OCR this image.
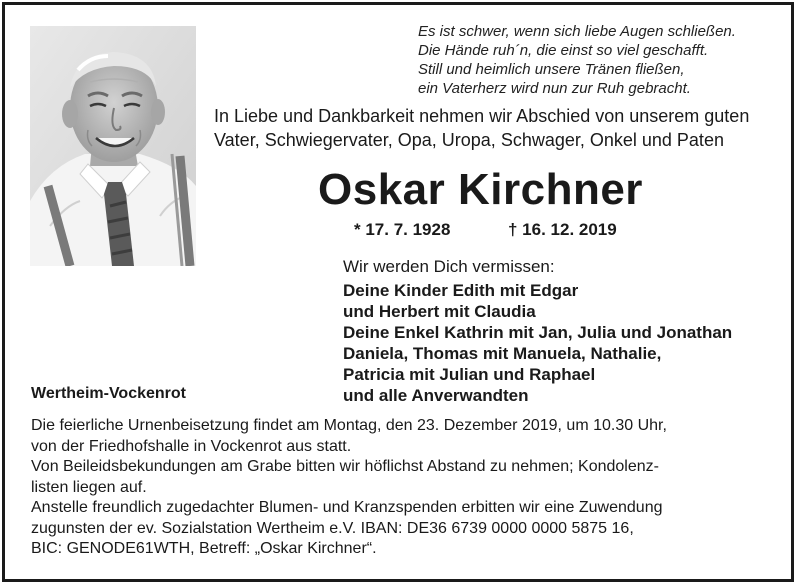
Es ist schwer, wenn sich liebe Augen schließen.
Die Hände ruh´n, die einst so viel geschafft.
Still und heimlich unsere Tränen fließen,
ein Vaterherz wird nun zur Ruh gebracht.
In Liebe und Dankbarkeit nehmen wir Abschied von unserem guten
Vater, Schwiegervater, Opa, Uropa, Schwager, Onkel und Paten
Oskar Kirchner
* 17. 7. 1928	† 16. 12. 2019
Wir werden Dich vermissen:
Deine Kinder Edith mit Edgar
und Herbert mit Claudia
Deine Enkel Kathrin mit Jan, Julia und Jonathan
Daniela, Thomas mit Manuela, Nathalie,
Patricia mit Julian und Raphael
und alle Anverwandten
Wertheim-Vockenrot
Die feierliche Urnenbeisetzung findet am Montag, den 23. Dezember 2019, um 10.30 Uhr,
von der Friedhofshalle in Vockenrot aus statt.
Von Beileidsbekundungen am Grabe bitten wir höflichst Abstand zu nehmen; Kondolenz-
listen liegen auf.
Anstelle freundlich zugedachter Blumen- und Kranzspenden erbitten wir eine Zuwendung
zugunsten der ev. Sozialstation Wertheim e.V. IBAN: DE36 6739 0000 0000 5875 16,
BIC: GENODE61WTH, Betreff: „Oskar Kirchner“.
